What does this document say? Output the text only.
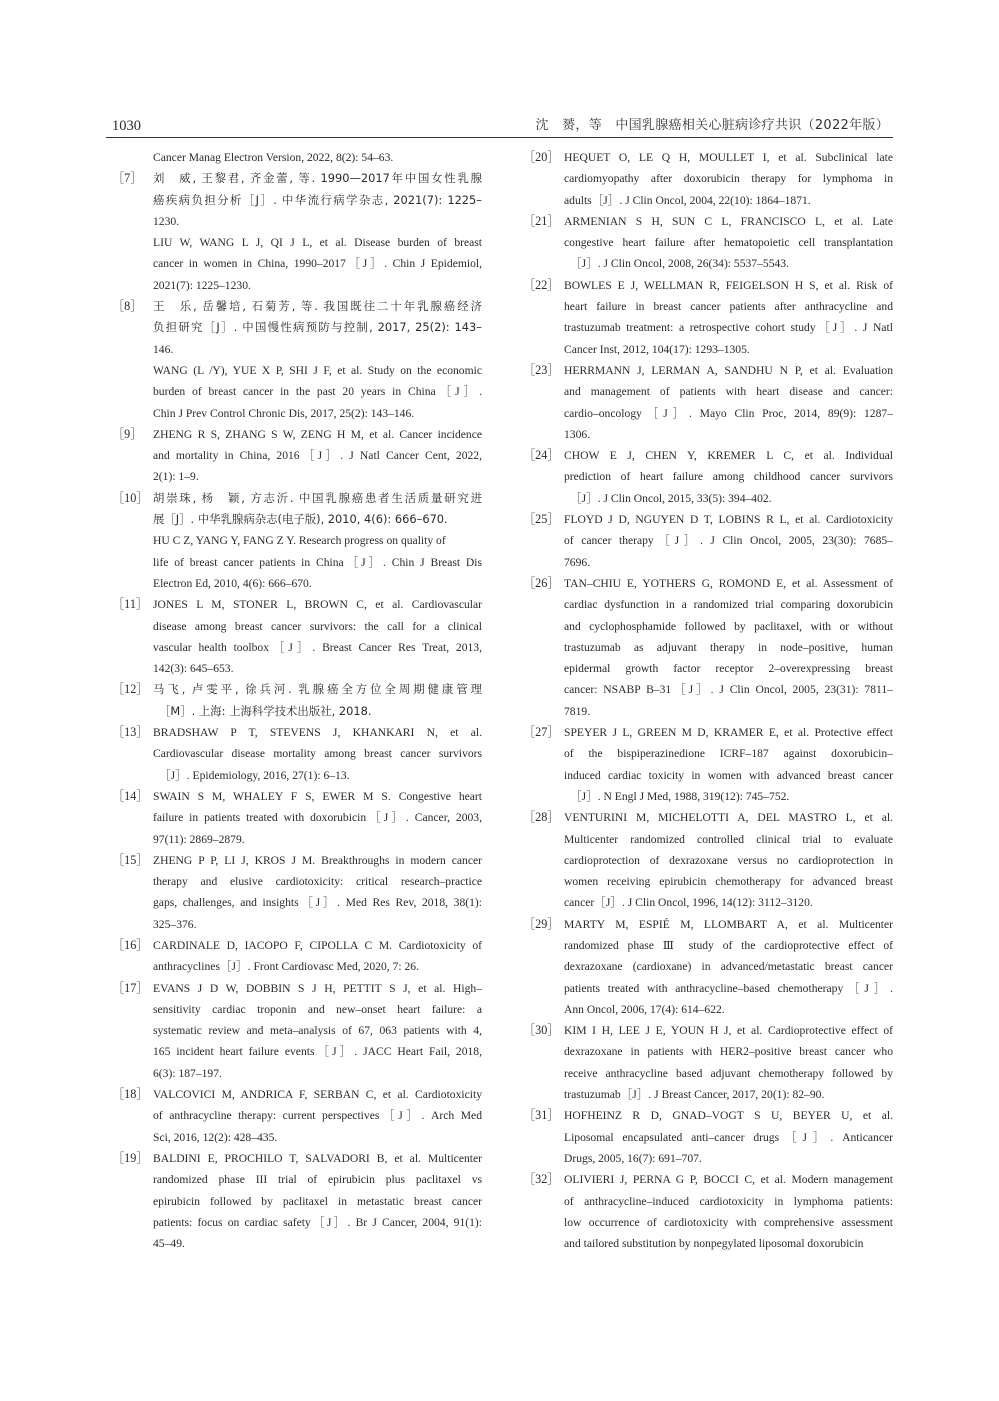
1030	沈　赟，等　中国乳腺癌相关心脏病诊疗共识（2022年版）
Cancer Manag Electron Version, 2022, 8(2): 54–63.
［7］ 刘　威, 王黎君, 齐金蕾, 等. 1990—2017年中国女性乳腺
癌疾病负担分析［J］. 中华流行病学杂志, 2021(7): 1225–
1230.
LIU W, WANG L J, QI J L, et al. Disease burden of breast
cancer in women in China, 1990–2017［J］. Chin J Epidemiol,
2021(7): 1225–1230.
［8］ 王　乐, 岳馨培, 石菊芳, 等. 我国既往二十年乳腺癌经济
负担研究［J］. 中国慢性病预防与控制, 2017, 25(2): 143–
146.
WANG (L /Y), YUE X P, SHI J F, et al. Study on the economic
burden of breast cancer in the past 20 years in China［J］.
Chin J Prev Control Chronic Dis, 2017, 25(2): 143–146.
［9］ ZHENG R S, ZHANG S W, ZENG H M, et al. Cancer incidence
and mortality in China, 2016［J］. J Natl Cancer Cent, 2022,
2(1): 1–9.
［10］ 胡崇珠, 杨　颖, 方志沂. 中国乳腺癌患者生活质量研究进
展［J］. 中华乳腺病杂志(电子版), 2010, 4(6): 666–670.
HU C Z, YANG Y, FANG Z Y. Research progress on quality of
life of breast cancer patients in China［J］. Chin J Breast Dis
Electron Ed, 2010, 4(6): 666–670.
［11］ JONES L M, STONER L, BROWN C, et al. Cardiovascular
disease among breast cancer survivors: the call for a clinical
vascular health toolbox［J］. Breast Cancer Res Treat, 2013,
142(3): 645–653.
［12］ 马飞, 卢雯平, 徐兵河. 乳腺癌全方位全周期健康管理
［M］. 上海: 上海科学技术出版社, 2018.
［13］ BRADSHAW P T, STEVENS J, KHANKARI N, et al.
Cardiovascular disease mortality among breast cancer survivors
［J］. Epidemiology, 2016, 27(1): 6–13.
［14］ SWAIN S M, WHALEY F S, EWER M S. Congestive heart
failure in patients treated with doxorubicin［J］. Cancer, 2003,
97(11): 2869–2879.
［15］ ZHENG P P, LI J, KROS J M. Breakthroughs in modern cancer
therapy and elusive cardiotoxicity: critical research–practice
gaps, challenges, and insights［J］. Med Res Rev, 2018, 38(1):
325–376.
［16］ CARDINALE D, IACOPO F, CIPOLLA C M. Cardiotoxicity of
anthracyclines［J］. Front Cardiovasc Med, 2020, 7: 26.
［17］ EVANS J D W, DOBBIN S J H, PETTIT S J, et al. High–
sensitivity cardiac troponin and new–onset heart failure: a
systematic review and meta–analysis of 67, 063 patients with 4,
165 incident heart failure events［J］. JACC Heart Fail, 2018,
6(3): 187–197.
［18］ VALCOVICI M, ANDRICA F, SERBAN C, et al. Cardiotoxicity
of anthracycline therapy: current perspectives［J］. Arch Med
Sci, 2016, 12(2): 428–435.
［19］ BALDINI E, PROCHILO T, SALVADORI B, et al. Multicenter
randomized phase III trial of epirubicin plus paclitaxel vs
epirubicin followed by paclitaxel in metastatic breast cancer
patients: focus on cardiac safety［J］. Br J Cancer, 2004, 91(1):
45–49.
［20］ HEQUET O, LE Q H, MOULLET I, et al. Subclinical late
cardiomyopathy after doxorubicin therapy for lymphoma in
adults［J］. J Clin Oncol, 2004, 22(10): 1864–1871.
［21］ ARMENIAN S H, SUN C L, FRANCISCO L, et al. Late
congestive heart failure after hematopoietic cell transplantation
［J］. J Clin Oncol, 2008, 26(34): 5537–5543.
［22］ BOWLES E J, WELLMAN R, FEIGELSON H S, et al. Risk of
heart failure in breast cancer patients after anthracycline and
trastuzumab treatment: a retrospective cohort study［J］. J Natl
Cancer Inst, 2012, 104(17): 1293–1305.
［23］ HERRMANN J, LERMAN A, SANDHU N P, et al. Evaluation
and management of patients with heart disease and cancer:
cardio–oncology［J］. Mayo Clin Proc, 2014, 89(9): 1287–
1306.
［24］ CHOW E J, CHEN Y, KREMER L C, et al. Individual
prediction of heart failure among childhood cancer survivors
［J］. J Clin Oncol, 2015, 33(5): 394–402.
［25］ FLOYD J D, NGUYEN D T, LOBINS R L, et al. Cardiotoxicity
of cancer therapy［J］. J Clin Oncol, 2005, 23(30): 7685–
7696.
［26］ TAN–CHIU E, YOTHERS G, ROMOND E, et al. Assessment of
cardiac dysfunction in a randomized trial comparing doxorubicin
and cyclophosphamide followed by paclitaxel, with or without
trastuzumab as adjuvant therapy in node–positive, human
epidermal growth factor receptor 2–overexpressing breast
cancer: NSABP B–31［J］. J Clin Oncol, 2005, 23(31): 7811–
7819.
［27］ SPEYER J L, GREEN M D, KRAMER E, et al. Protective effect
of the bispiperazinedione ICRF–187 against doxorubicin–
induced cardiac toxicity in women with advanced breast cancer
［J］. N Engl J Med, 1988, 319(12): 745–752.
［28］ VENTURINI M, MICHELOTTI A, DEL MASTRO L, et al.
Multicenter randomized controlled clinical trial to evaluate
cardioprotection of dexrazoxane versus no cardioprotection in
women receiving epirubicin chemotherapy for advanced breast
cancer［J］. J Clin Oncol, 1996, 14(12): 3112–3120.
［29］ MARTY M, ESPIÉ M, LLOMBART A, et al. Multicenter
randomized phase Ⅲ study of the cardioprotective effect of
dexrazoxane (cardioxane) in advanced/metastatic breast cancer
patients treated with anthracycline–based chemotherapy［J］.
Ann Oncol, 2006, 17(4): 614–622.
［30］ KIM I H, LEE J E, YOUN H J, et al. Cardioprotective effect of
dexrazoxane in patients with HER2–positive breast cancer who
receive anthracycline based adjuvant chemotherapy followed by
trastuzumab［J］. J Breast Cancer, 2017, 20(1): 82–90.
［31］ HOFHEINZ R D, GNAD–VOGT S U, BEYER U, et al.
Liposomal encapsulated anti–cancer drugs［J］. Anticancer
Drugs, 2005, 16(7): 691–707.
［32］ OLIVIERI J, PERNA G P, BOCCI C, et al. Modern management
of anthracycline–induced cardiotoxicity in lymphoma patients:
low occurrence of cardiotoxicity with comprehensive assessment
and tailored substitution by nonpegylated liposomal doxorubicin
